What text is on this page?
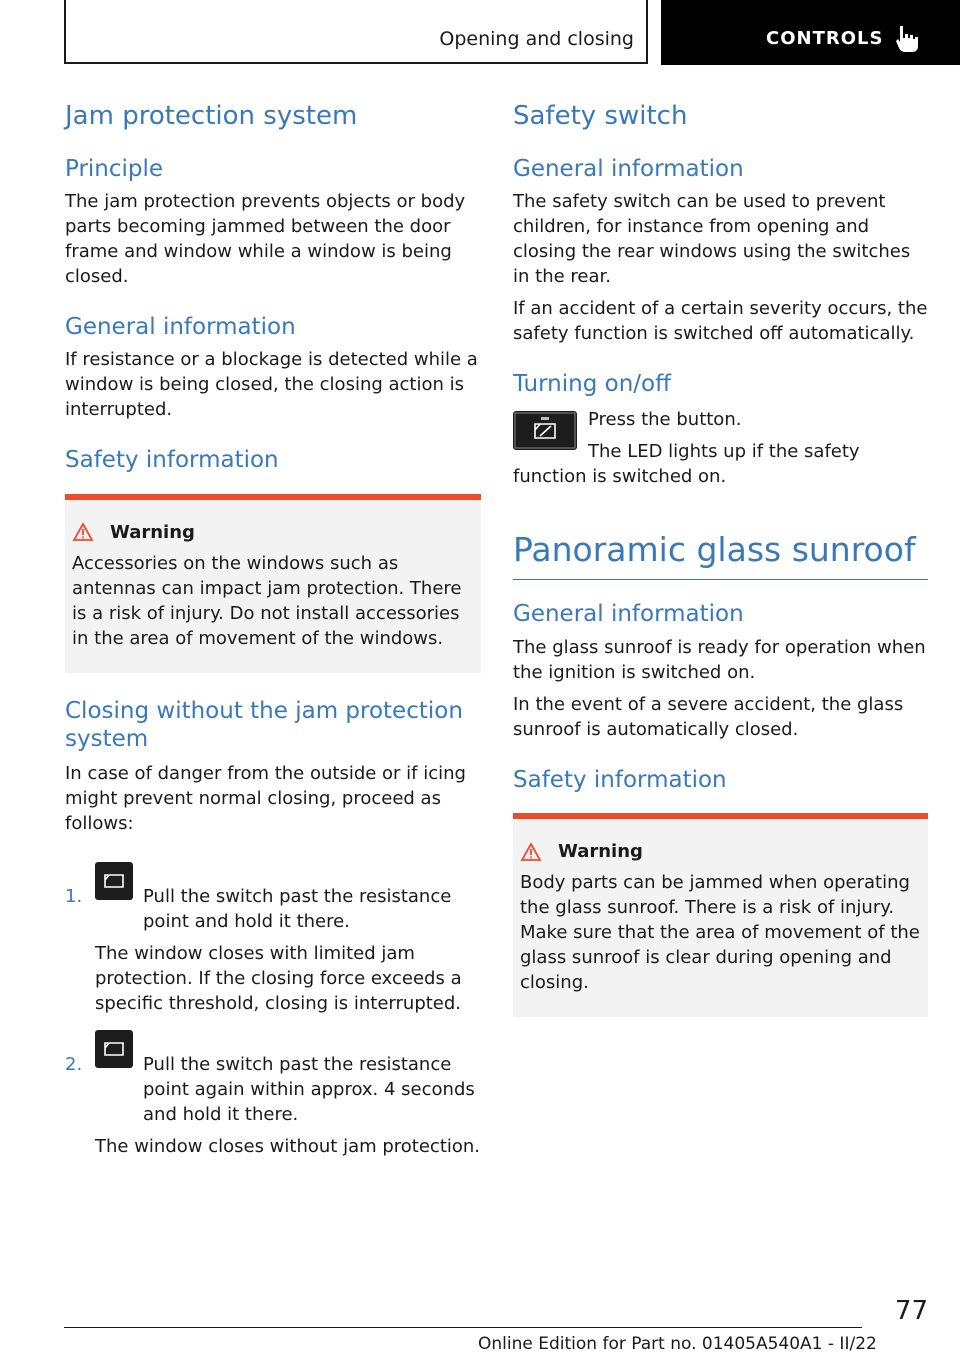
Opening and closing	CONTROLS
Jam protection system
Principle

The jam protection prevents objects or body parts becoming jammed between the door frame and window while a window is being closed.

General information

If resistance or a blockage is detected while a window is being closed, the closing action is interrupted.

Safety information
Warning

Accessories on the windows such as antennas can impact jam protection. There is a risk of injury. Do not install accessories in the area of movement of the windows.

Closing without the jam protection system

In case of danger from the outside or if icing might prevent normal closing, proceed as follows:

1.	Pull the switch past the resistance point and hold it there.

The window closes with limited jam protection. If the closing force exceeds a specific threshold, closing is interrupted.

2.	Pull the switch past the resistance point again within approx. 4 seconds and hold it there.

The window closes without jam protection.

Safety switch
General information

The safety switch can be used to prevent children, for instance from opening and closing the rear windows using the switches in the rear.

If an accident of a certain severity occurs, the safety function is switched off automatically.

Turning on/off

Press the button.

The LED lights up if the safety function is switched on.

Panoramic glass sunroof
General information

The glass sunroof is ready for operation when the ignition is switched on.

In the event of a severe accident, the glass sunroof is automatically closed.

Safety information
Warning

Body parts can be jammed when operating the glass sunroof. There is a risk of injury. Make sure that the area of movement of the glass sunroof is clear during opening and closing.

77
Online Edition for Part no. 01405A540A1 - II/22
